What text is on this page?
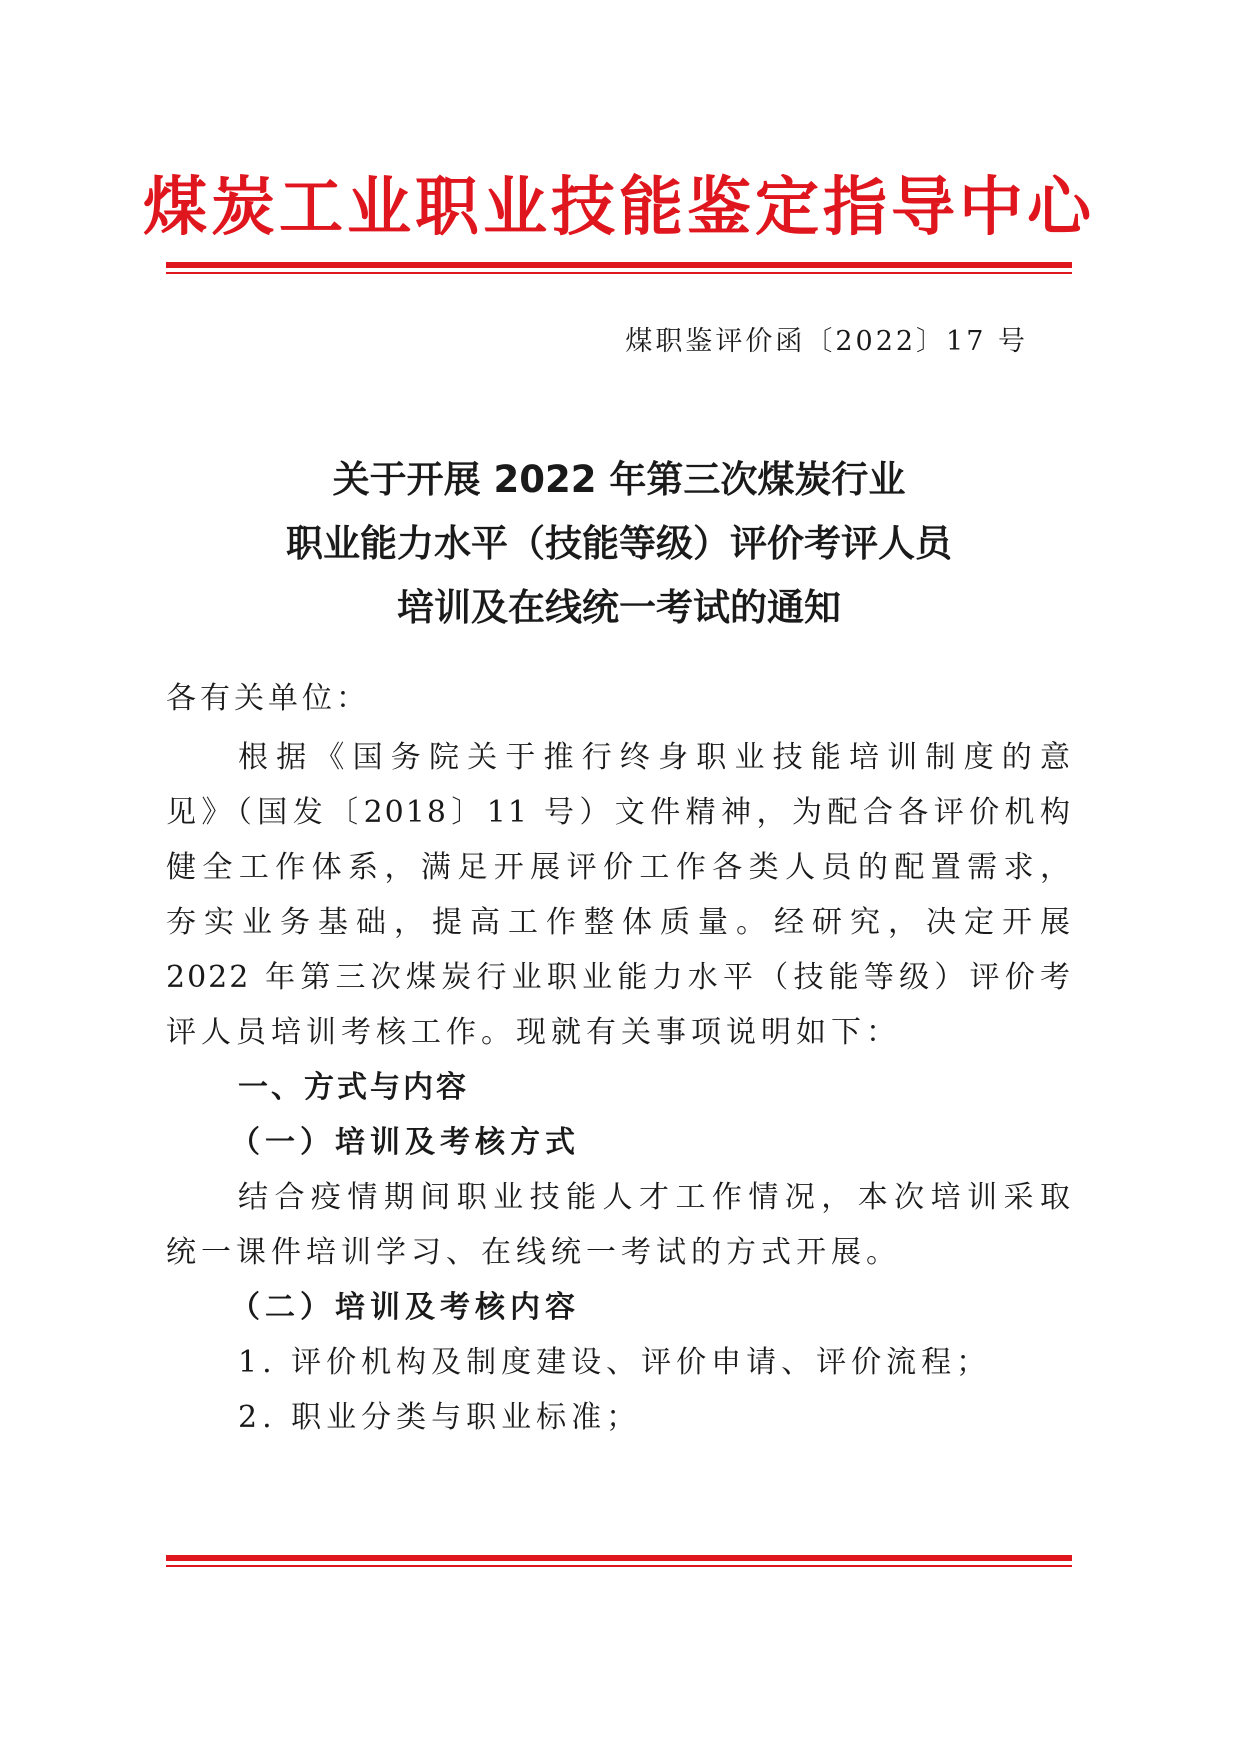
煤炭工业职业技能鉴定指导中心
煤职鉴评价函〔2022〕17 号
关于开展 2022 年第三次煤炭行业
职业能力水平（技能等级）评价考评人员
培训及在线统一考试的通知
各有关单位：
根据《国务院关于推行终身职业技能培训制度的意
见》（国发〔2018〕11 号）文件精神，为配合各评价机构
健全工作体系，满足开展评价工作各类人员的配置需求，
夯实业务基础，提高工作整体质量。经研究，决定开展
2022 年第三次煤炭行业职业能力水平（技能等级）评价考
评人员培训考核工作。现就有关事项说明如下：
一、方式与内容
（一）培训及考核方式
结合疫情期间职业技能人才工作情况，本次培训采取
统一课件培训学习、在线统一考试的方式开展。
（二）培训及考核内容
1. 评价机构及制度建设、评价申请、评价流程；
2. 职业分类与职业标准；
